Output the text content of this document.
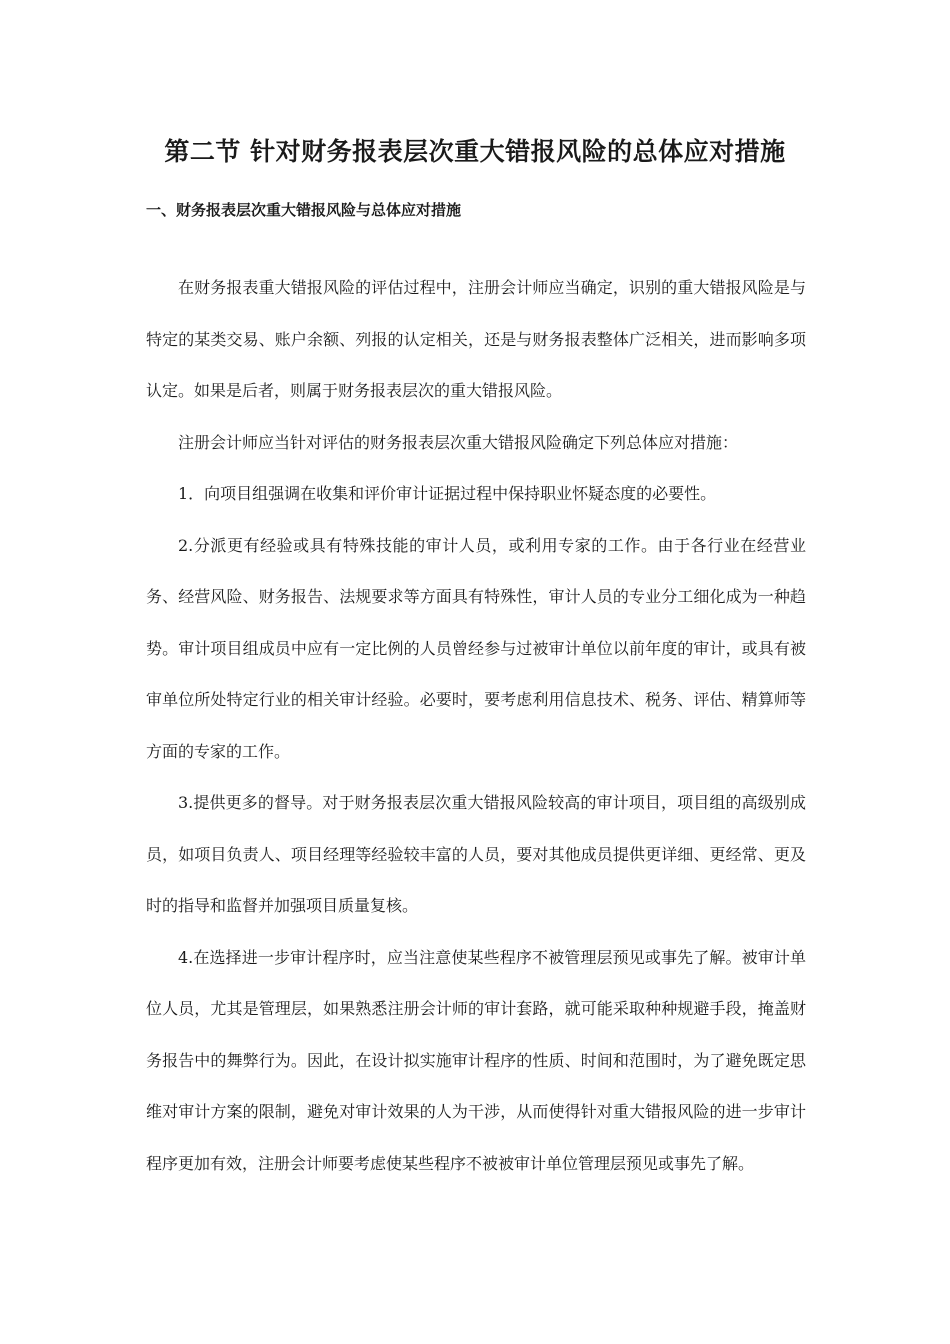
第二节 针对财务报表层次重大错报风险的总体应对措施
一、财务报表层次重大错报风险与总体应对措施

在财务报表重大错报风险的评估过程中，注册会计师应当确定，识别的重大错报风险是与特定的某类交易、账户余额、列报的认定相关，还是与财务报表整体广泛相关，进而影响多项认定。如果是后者，则属于财务报表层次的重大错报风险。

注册会计师应当针对评估的财务报表层次重大错报风险确定下列总体应对措施：

1．向项目组强调在收集和评价审计证据过程中保持职业怀疑态度的必要性。

2.分派更有经验或具有特殊技能的审计人员，或利用专家的工作。由于各行业在经营业务、经营风险、财务报告、法规要求等方面具有特殊性，审计人员的专业分工细化成为一种趋势。审计项目组成员中应有一定比例的人员曾经参与过被审计单位以前年度的审计，或具有被审单位所处特定行业的相关审计经验。必要时，要考虑利用信息技术、税务、评估、精算师等方面的专家的工作。

3.提供更多的督导。对于财务报表层次重大错报风险较高的审计项目，项目组的高级别成员，如项目负责人、项目经理等经验较丰富的人员，要对其他成员提供更详细、更经常、更及时的指导和监督并加强项目质量复核。

4.在选择进一步审计程序时，应当注意使某些程序不被管理层预见或事先了解。被审计单位人员，尤其是管理层，如果熟悉注册会计师的审计套路，就可能采取种种规避手段，掩盖财务报告中的舞弊行为。因此，在设计拟实施审计程序的性质、时间和范围时，为了避免既定思维对审计方案的限制，避免对审计效果的人为干涉，从而使得针对重大错报风险的进一步审计程序更加有效，注册会计师要考虑使某些程序不被被审计单位管理层预见或事先了解。
